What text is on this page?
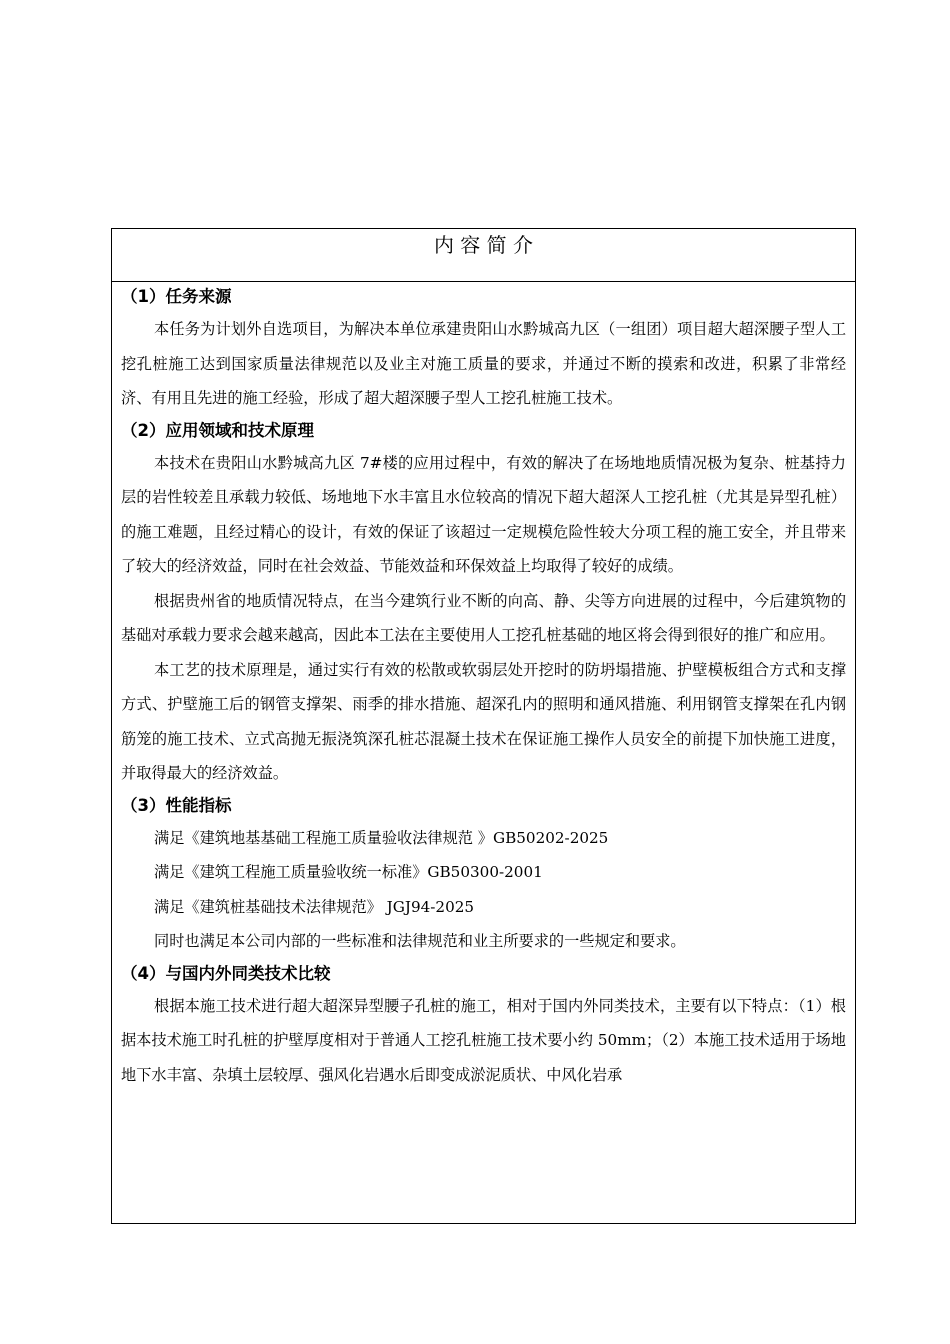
内 容 简 介

（1）任务来源

本任务为计划外自选项目，为解决本单位承建贵阳山水黔城高九区（一组团）项目超大超深腰子型人工挖孔桩施工达到国家质量法律规范以及业主对施工质量的要求，并通过不断的摸索和改进，积累了非常经济、有用且先进的施工经验，形成了超大超深腰子型人工挖孔桩施工技术。

（2）应用领域和技术原理

本技术在贵阳山水黔城高九区 7#楼的应用过程中，有效的解决了在场地地质情况极为复杂、桩基持力层的岩性较差且承载力较低、场地地下水丰富且水位较高的情况下超大超深人工挖孔桩（尤其是异型孔桩）的施工难题，且经过精心的设计，有效的保证了该超过一定规模危险性较大分项工程的施工安全，并且带来了较大的经济效益，同时在社会效益、节能效益和环保效益上均取得了较好的成绩。

根据贵州省的地质情况特点，在当今建筑行业不断的向高、静、尖等方向进展的过程中，今后建筑物的基础对承载力要求会越来越高，因此本工法在主要使用人工挖孔桩基础的地区将会得到很好的推广和应用。

本工艺的技术原理是，通过实行有效的松散或软弱层处开挖时的防坍塌措施、护壁模板组合方式和支撑方式、护壁施工后的钢管支撑架、雨季的排水措施、超深孔内的照明和通风措施、利用钢管支撑架在孔内钢筋笼的施工技术、立式高抛无振浇筑深孔桩芯混凝土技术在保证施工操作人员安全的前提下加快施工进度，并取得最大的经济效益。

（3）性能指标

满足《建筑地基基础工程施工质量验收法律规范 》GB50202-2025

满足《建筑工程施工质量验收统一标准》GB50300-2001

满足《建筑桩基础技术法律规范》 JGJ94-2025

同时也满足本公司内部的一些标准和法律规范和业主所要求的一些规定和要求。

（4）与国内外同类技术比较

根据本施工技术进行超大超深异型腰子孔桩的施工，相对于国内外同类技术，主要有以下特点：（1）根据本技术施工时孔桩的护壁厚度相对于普通人工挖孔桩施工技术要小约 50mm；（2）本施工技术适用于场地地下水丰富、杂填土层较厚、强风化岩遇水后即变成淤泥质状、中风化岩承
